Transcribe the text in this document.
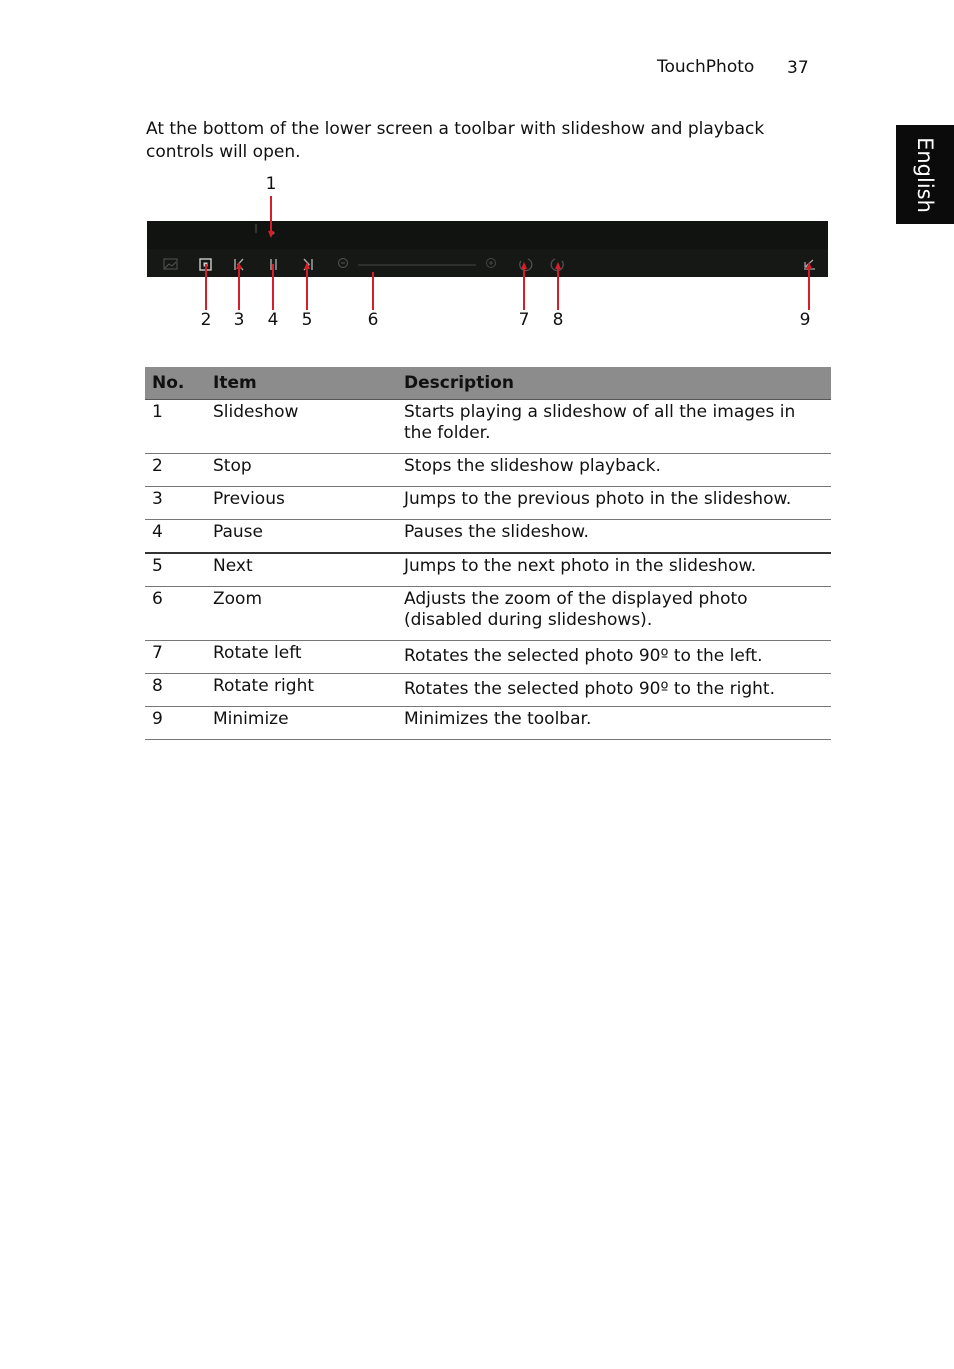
TouchPhoto 37
English
At the bottom of the lower screen a toolbar with slideshow and playback controls will open.
1
2 3 4 5	6	7 8	9
No.	Item	Description
1	Slideshow	Starts playing a slideshow of all the images in the folder.
2	Stop	Stops the slideshow playback.
3	Previous	Jumps to the previous photo in the slideshow.
4	Pause	Pauses the slideshow.
5	Next	Jumps to the next photo in the slideshow.
6	Zoom	Adjusts the zoom of the displayed photo (disabled during slideshows).
7	Rotate left	Rotates the selected photo 90º to the left.
8	Rotate right	Rotates the selected photo 90º to the right.
9	Minimize	Minimizes the toolbar.
